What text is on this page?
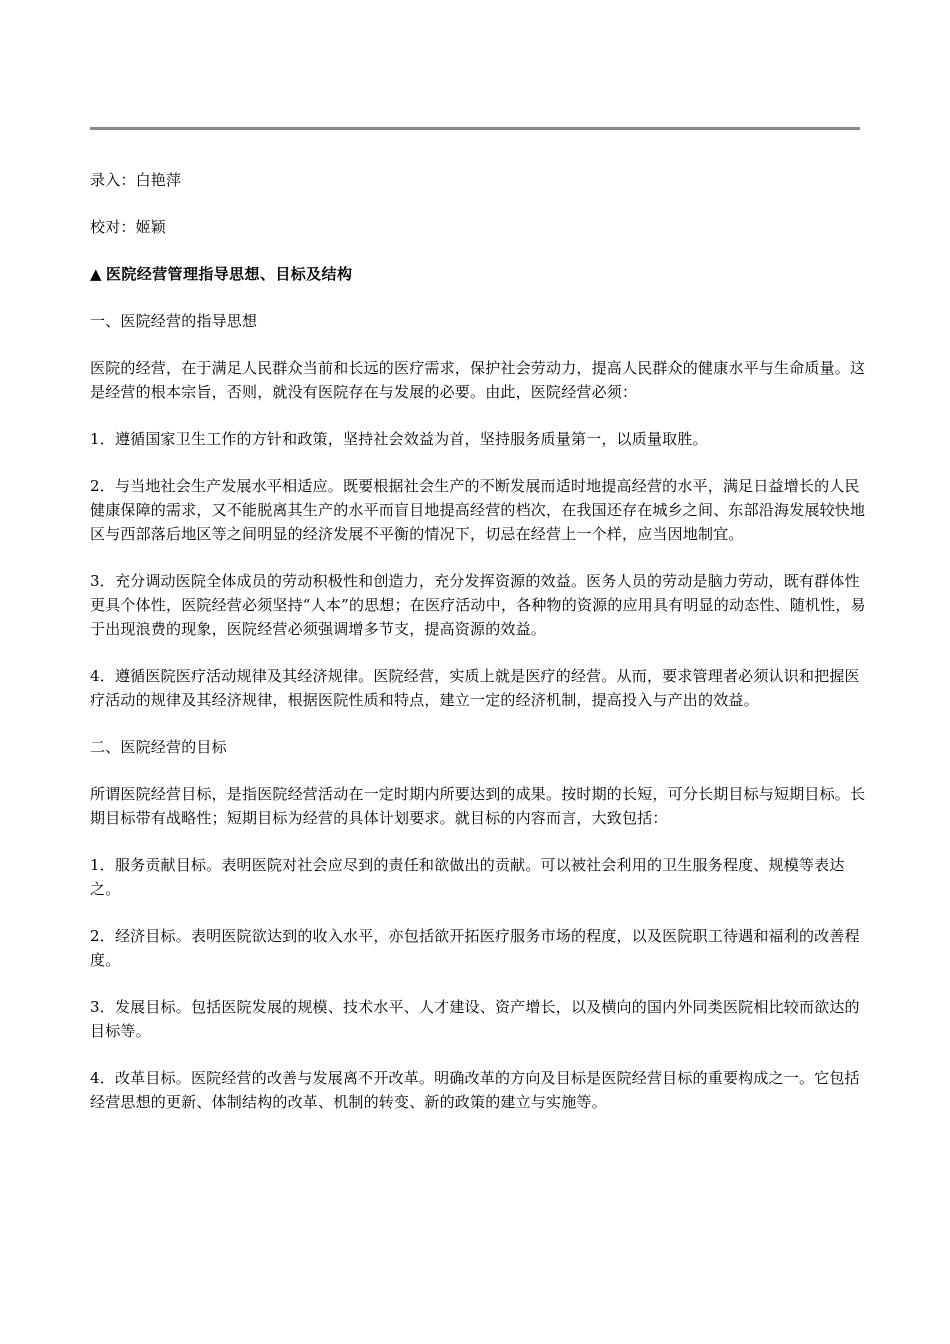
录入：白艳萍

校对：姬颖

▲ 医院经营管理指导思想、目标及结构

一、医院经营的指导思想

医院的经营，在于满足人民群众当前和长远的医疗需求，保护社会劳动力，提高人民群众的健康水平与生命质量。这是经营的根本宗旨，否则，就没有医院存在与发展的必要。由此，医院经营必须：

1．遵循国家卫生工作的方针和政策，坚持社会效益为首，坚持服务质量第一，以质量取胜。

2．与当地社会生产发展水平相适应。既要根据社会生产的不断发展而适时地提高经营的水平，满足日益增长的人民健康保障的需求，又不能脱离其生产的水平而盲目地提高经营的档次，在我国还存在城乡之间、东部沿海发展较快地区与西部落后地区等之间明显的经济发展不平衡的情况下，切忌在经营上一个样，应当因地制宜。

3．充分调动医院全体成员的劳动积极性和创造力，充分发挥资源的效益。医务人员的劳动是脑力劳动，既有群体性更具个体性，医院经营必须坚持“人本”的思想；在医疗活动中，各种物的资源的应用具有明显的动态性、随机性，易于出现浪费的现象，医院经营必须强调增多节支，提高资源的效益。

4．遵循医院医疗活动规律及其经济规律。医院经营，实质上就是医疗的经营。从而，要求管理者必须认识和把握医疗活动的规律及其经济规律，根据医院性质和特点，建立一定的经济机制，提高投入与产出的效益。

二、医院经营的目标

所谓医院经营目标，是指医院经营活动在一定时期内所要达到的成果。按时期的长短，可分长期目标与短期目标。长期目标带有战略性；短期目标为经营的具体计划要求。就目标的内容而言，大致包括：

1．服务贡献目标。表明医院对社会应尽到的责任和欲做出的贡献。可以被社会利用的卫生服务程度、规模等表达之。

2．经济目标。表明医院欲达到的收入水平，亦包括欲开拓医疗服务市场的程度，以及医院职工待遇和福利的改善程度。

3．发展目标。包括医院发展的规模、技术水平、人才建设、资产增长，以及横向的国内外同类医院相比较而欲达的目标等。

4．改革目标。医院经营的改善与发展离不开改革。明确改革的方向及目标是医院经营目标的重要构成之一。它包括经营思想的更新、体制结构的改革、机制的转变、新的政策的建立与实施等。
